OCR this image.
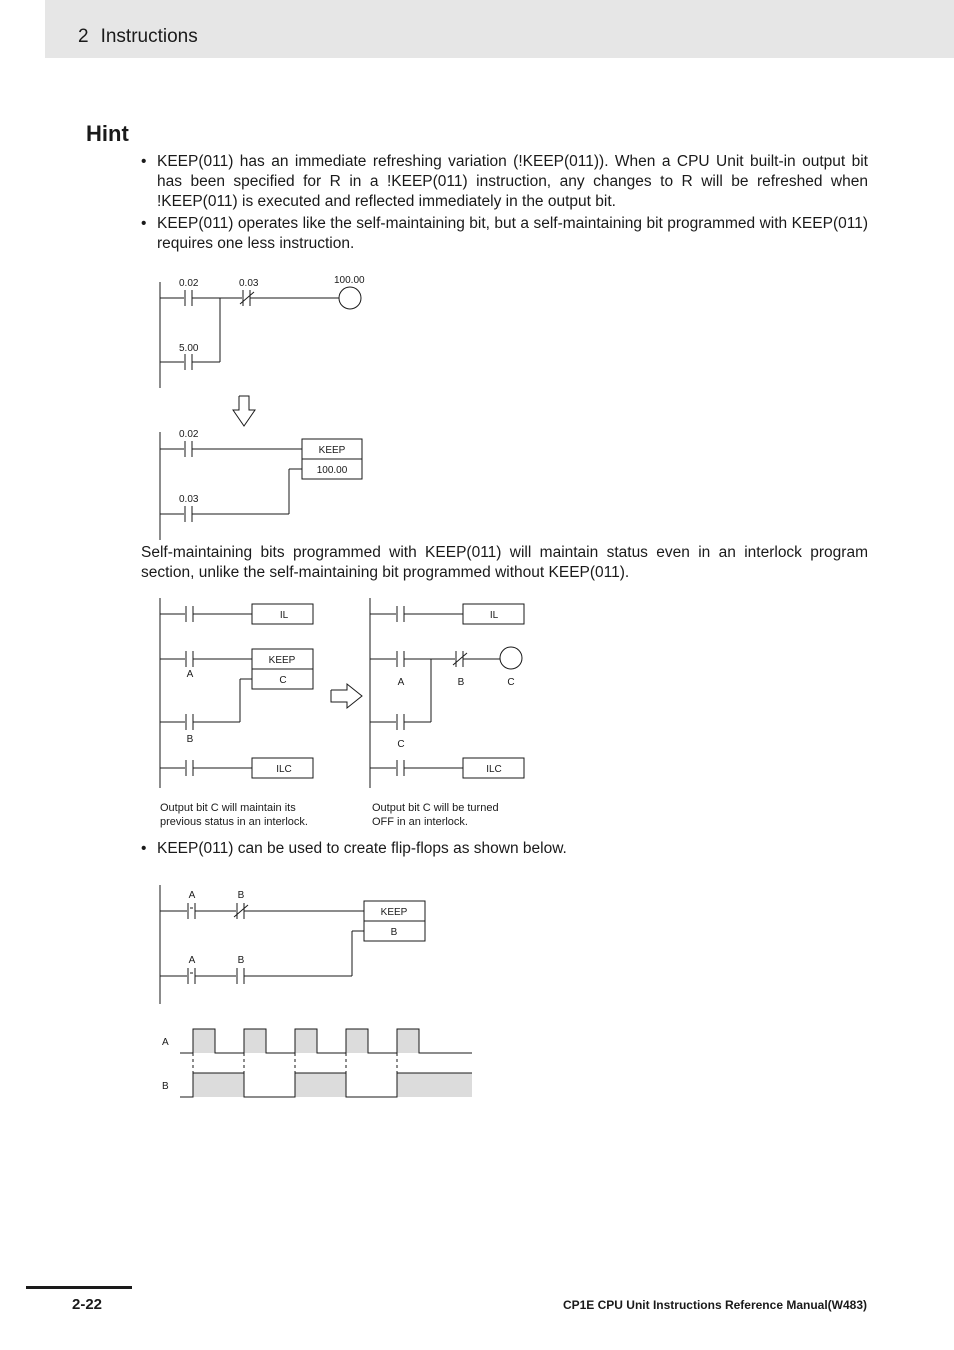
2 Instructions
Hint
• KEEP(011) has an immediate refreshing variation (!KEEP(011)). When a CPU Unit built-in output bit has been specified for R in a !KEEP(011) instruction, any changes to R will be refreshed when !KEEP(011) is executed and reflected immediately in the output bit.
• KEEP(011) operates like the self-maintaining bit, but a self-maintaining bit programmed with KEEP(011) requires one less instruction.
0.02	0.03	100.00
5.00
0.02
0.03
KEEP
100.00
Self-maintaining bits programmed with KEEP(011) will maintain status even in an interlock program section, unlike the self-maintaining bit programmed without KEEP(011).
IL
KEEP
C
A
B
ILC
IL
A	B	C
C
ILC
Output bit C will maintain its
previous status in an interlock.
Output bit C will be turned
OFF in an interlock.
• KEEP(011) can be used to create flip-flops as shown below.
A	B
A	B
KEEP
B
A
B
2-22	CP1E CPU Unit Instructions Reference Manual(W483)
